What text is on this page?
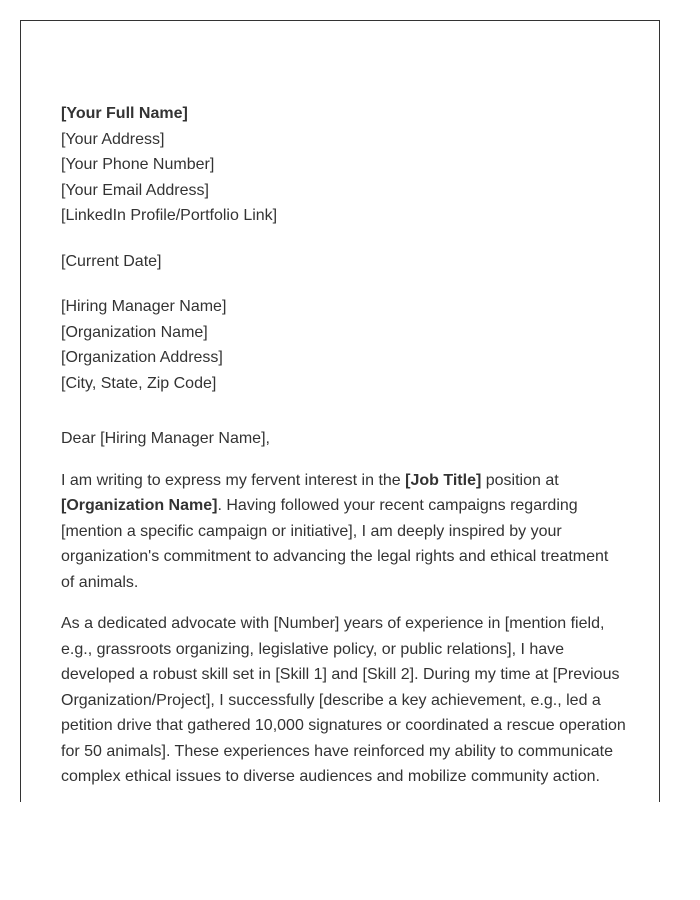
[Your Full Name]
[Your Address]
[Your Phone Number]
[Your Email Address]
[LinkedIn Profile/Portfolio Link]
[Current Date]
[Hiring Manager Name]
[Organization Name]
[Organization Address]
[City, State, Zip Code]
Dear [Hiring Manager Name],

I am writing to express my fervent interest in the [Job Title] position at [Organization Name]. Having followed your recent campaigns regarding [mention a specific campaign or initiative], I am deeply inspired by your organization's commitment to advancing the legal rights and ethical treatment of animals.

As a dedicated advocate with [Number] years of experience in [mention field, e.g., grassroots organizing, legislative policy, or public relations], I have developed a robust skill set in [Skill 1] and [Skill 2]. During my time at [Previous Organization/Project], I successfully [describe a key achievement, e.g., led a petition drive that gathered 10,000 signatures or coordinated a rescue operation for 50 animals]. These experiences have reinforced my ability to communicate complex ethical issues to diverse audiences and mobilize community action.
